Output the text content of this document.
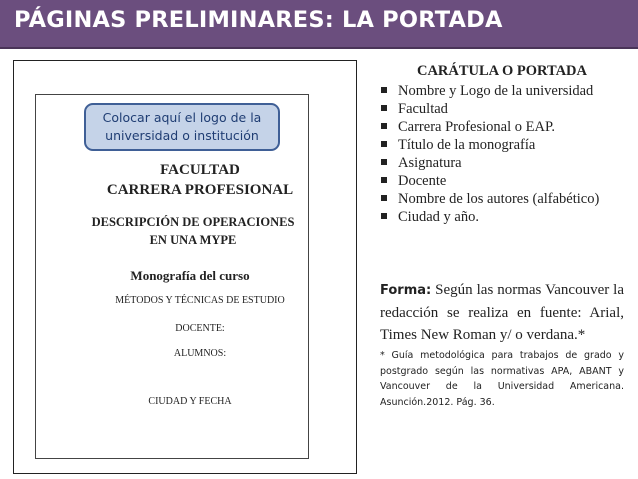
PÁGINAS PRELIMINARES: LA PORTADA
Colocar aquí el logo de la
universidad o institución
FACULTAD
CARRERA PROFESIONAL
DESCRIPCIÓN DE OPERACIONES
EN UNA MYPE
Monografía del curso
MÉTODOS Y TÉCNICAS DE ESTUDIO
DOCENTE:
ALUMNOS:
CIUDAD Y FECHA
CARÁTULA O PORTADA
Nombre y Logo de la universidad
Facultad
Carrera Profesional o EAP.
Título de la monografía
Asignatura
Docente
Nombre de los autores (alfabético)
Ciudad y año.
Forma: Según las normas Vancouver la redacción se realiza en fuente: Arial, Times New Roman y/ o verdana.*
* Guía metodológica para trabajos de grado y postgrado según las normativas APA, ABANT y Vancouver de la Universidad Americana. Asunción.2012. Pág. 36.
